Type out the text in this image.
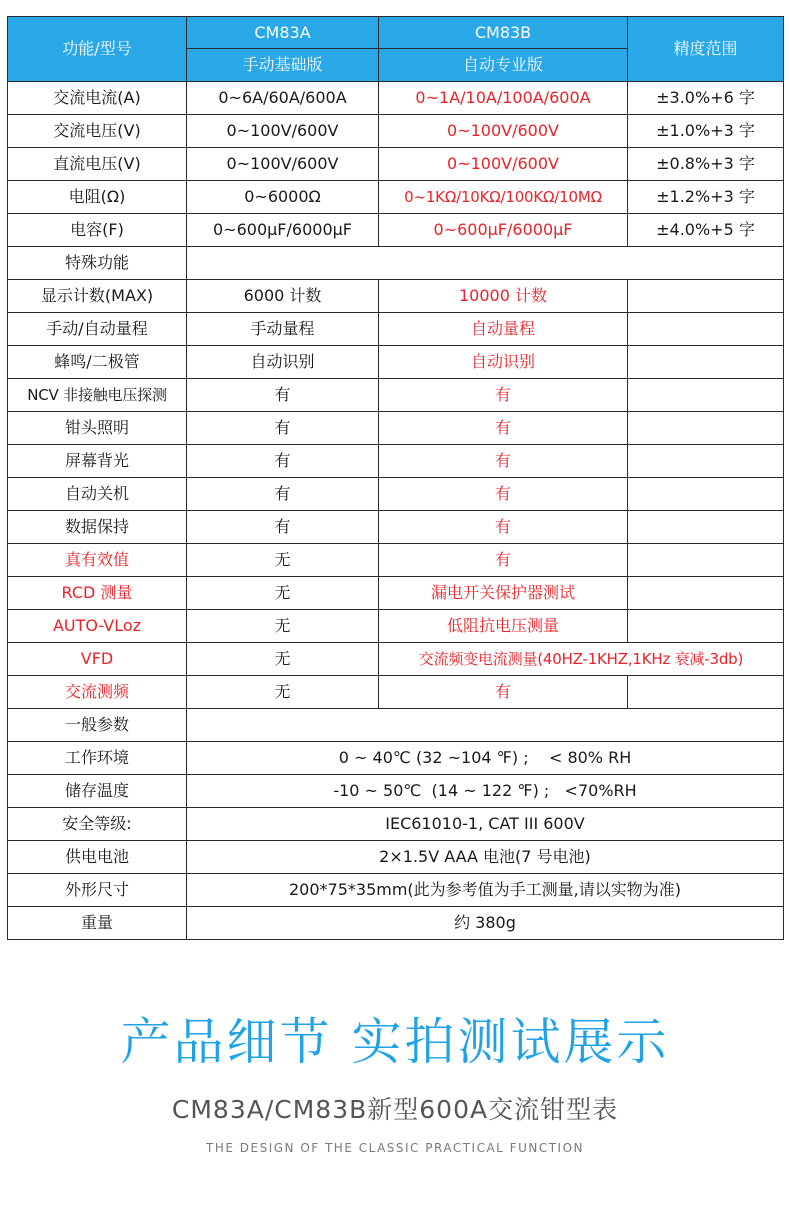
功能/型号	CM83A	CM83B	精度范围
	手动基础版	自动专业版	
交流电流(A)	0~6A/60A/600A	0~1A/10A/100A/600A	±3.0%+6 字
交流电压(V)	0~100V/600V	0~100V/600V	±1.0%+3 字
直流电压(V)	0~100V/600V	0~100V/600V	±0.8%+3 字
电阻(Ω)	0~6000Ω	0~1KΩ/10KΩ/100KΩ/10MΩ	±1.2%+3 字
电容(F)	0~600μF/6000μF	0~600μF/6000μF	±4.0%+5 字
特殊功能			
显示计数(MAX)	6000 计数	10000 计数	
手动/自动量程	手动量程	自动量程	
蜂鸣/二极管	自动识别	自动识别	
NCV 非接触电压探测	有	有	
钳头照明	有	有	
屏幕背光	有	有	
自动关机	有	有	
数据保持	有	有	
真有效值	无	有	
RCD 测量	无	漏电开关保护器测试	
AUTO-VLoz	无	低阻抗电压测量	
VFD	无	交流频变电流测量(40HZ-1KHZ,1KHz 衰减-3db)	
交流测频	无	有	
一般参数			
工作环境	0 ~ 40℃ (32 ~104 ℉) ;    < 80% RH		
储存温度	-10 ~ 50℃  (14 ~ 122 ℉) ;   <70%RH		
安全等级:	IEC61010-1, CAT III 600V		
供电电池	2×1.5V AAA 电池(7 号电池)		
外形尺寸	200*75*35mm(此为参考值为手工测量,请以实物为准)		
重量	约 380g		
产品细节 实拍测试展示
CM83A/CM83B新型600A交流钳型表
THE DESIGN OF THE CLASSIC PRACTICAL FUNCTION
